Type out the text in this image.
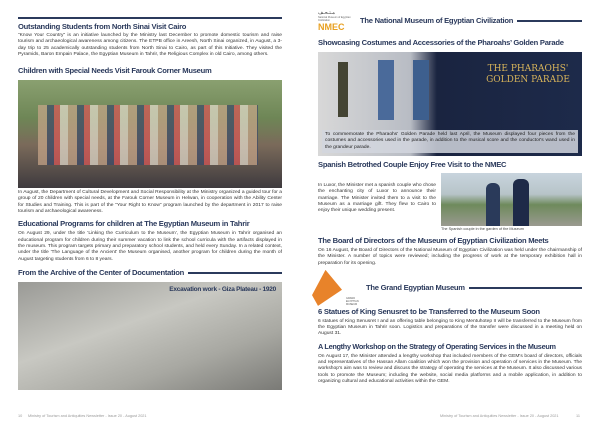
Outstanding Students from North Sinai Visit Cairo
“Know Your Country” is an initiative launched by the Ministry last December to promote domestic tourism and raise tourism and archaeological awareness among citizens. The ETPB office in Areesh, North Sinai organized, in August, a 3-day trip to 25 academically outstanding students from North Sinai to Cairo, as part of this Initiative. They visited the Pyramids, Baron Empain Palace, the Egyptian Museum in Tahrir, the Religious Complex in old Cairo, among others.
Children with Special Needs Visit Farouk Corner Museum
In August, the Department of Cultural Development and Social Responsibility at the Ministry organized a guided tour for a group of 20 children with special needs, at the Farouk Corner Museum in Helwan, in cooperation with the Ability Center for Studies and Training. This is part of the “Your Right to Know” program launched by the department in 2017 to raise tourism and archaeological awareness.
Educational Programs for children at The Egyptian Museum in Tahrir
On August 29, under the title 'Linking the Curriculum to the Museum', the Egyptian Museum in Tahrir organised an educational program for children during their summer vacation to link the school curricula with the artifacts displayed in the museum. This program targets primary and preparatory school students, and held every Sunday. In a related context, under the title 'The Language of the Ancient' the Museum organised, another program for children during the month of August targeting students from 6 to 8 years.
From the Archive of the Center of Documentation
Excavation work - Giza Plateau - 1920
10 Ministry of Tourism and Antiquities Newsletter - Issue 20 - August 2021
مـتـحـف
National Museum of Egyptian Civilization
NMEC
The National Museum of Egyptian Civilization
Showcasing Costumes and Accessories of the Pharoahs’ Golden Parade
THE PHARAOHS' GOLDEN PARADE
To commemorate the Pharaohs' Golden Parade held last April, the Museum displayed four pieces from the costumes and accessories used in the parade, in addition to the musical score and the conductor's wand used in the grandeur parade.
Spanish Betrothed Couple Enjoy Free Visit to the NMEC
In Luxor, the Minister met a spanish couple who chose the enchanting city of Luxor to announce their marriage. The Minister invited them to a visit to the Museum as a marriage gift. They flew to Cairo to enjoy their unique wedding present.
The Spanish couple in the garden of the Museum
The Board of Directors of the Museum of Egyptian Civilization Meets
On 16 August, the Board of Directors of the National Museum of Egyptian Civilization was held under the chairmanship of the Minister. A number of topics were reviewed; including the progress of work at the temporary exhibition hall in preparation for its opening.
GRAND EGYPTIAN MUSEUM
The Grand Egyptian Museum
6 Statues of King Senusret to be Transferred to the Museum Soon
6 statues of King Senusret I and an offering table belonging to King Mentuhotep II will be transferred to the Museum from the Egyptian Museum in Tahrir soon. Logistics and preparations of the transfer were discussed in a meeting held on August 31.
A Lengthy Workshop on the Strategy of Operating Services in the Museum
On August 17, the Minister attended a lengthy workshop that included members of the GEM's board of directors, officials and representatives of the Hassan Allam coalition which won the provision and operation of services in the Museum. The workshop's aim was to review and discuss the strategy of operating the services at the Museum. It also discussed various tools to promote the Museum; including the website, social media platforms and a mobile application, in addition to organizing cultural and educational activities within the GEM.
Ministry of Tourism and Antiquities Newsletter - Issue 20 - August 2021	11
